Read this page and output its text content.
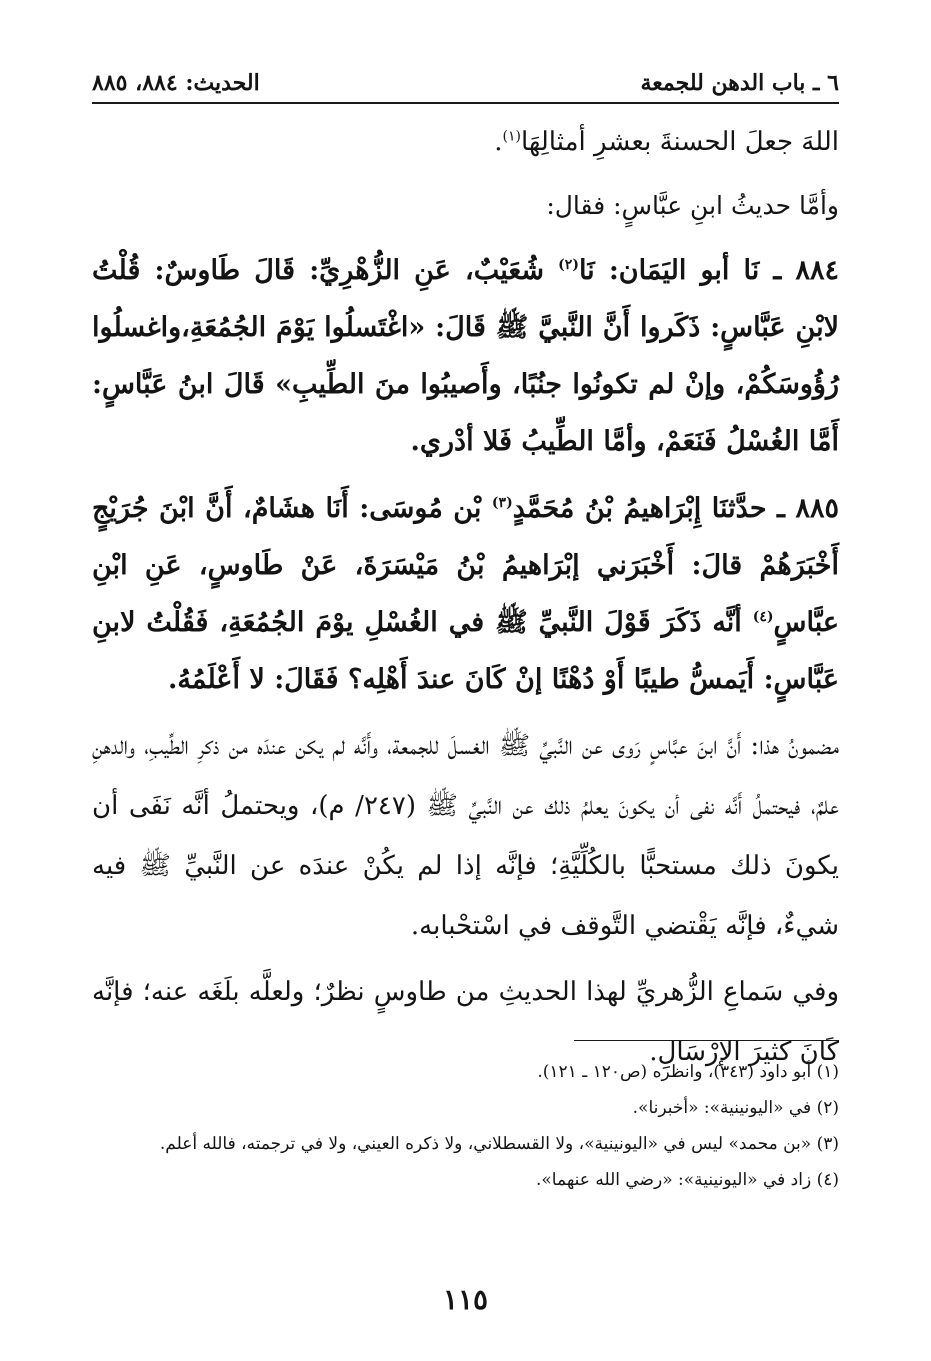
٦ ـ باب الدهن للجمعة
الحديث: ٨٨٤، ٨٨٥

اللهَ جعلَ الحسنةَ بعشرِ أمثالِهَا$^{(١)}$.

وأمَّا حديثُ ابنِ عبَّاسٍ: فقال:

٨٨٤ ـ نَا أبو اليَمَان: نَا$^{(٢)}$ شُعَيْبٌ، عَنِ الزُّهْرِيِّ: قَالَ طَاوسٌ: قُلْتُ لابْنِ عَبَّاسٍ: ذَكَروا أَنَّ النَّبيَّ ﷺ قَالَ: «اغْتَسلُوا يَوْمَ الجُمُعَةِ،واغسلُوا رُؤُوسَكُمْ، وإنْ لم تكونُوا جنُبًا، وأَصيبُوا منَ الطِّيبِ» قَالَ ابنُ عَبَّاسٍ: أَمَّا الغُسْلُ فَنَعَمْ، وأمَّا الطِّيبُ فَلا أدْري.

٨٨٥ ـ حدَّثنَا إِبْرَاهيمُ بْنُ مُحَمَّدٍ$^{(٣)}$ بْن مُوسَى: أَنَا هشَامٌ، أَنَّ ابْنَ جُرَيْجٍ أَخْبَرَهُمْ قالَ: أَخْبَرَني إبْرَاهيمُ بْنُ مَيْسَرَةَ، عَنْ طَاوسٍ، عَنِ ابْنِ عبَّاسٍ$^{(٤)}$ أنَّه ذَكَرَ قَوْلَ النَّبيِّ ﷺ في الغُسْلِ يوْمَ الجُمُعَةِ، فَقُلْتُ لابنِ عَبَّاسٍ: أَيَمسُّ طيبًا أَوْ دُهْنًا إنْ كَانَ عندَ أَهْلِه؟ فَقَالَ: لا أَعْلَمُهُ.

مضمونُ هذا: أَنَّ ابنَ عبَّاسٍ رَوى عن النَّبيِّ ﷺ الغسلَ للجمعة، وأَنَّه لم يكن عندَه من ذكرِ الطِّيبِ، والدهنِ علمٌ، فيحتملُ أَنَّه نفى أن يكونَ يعلمُ ذلك عن النَّبيِّ ﷺ (٢٤٧/ م)، ويحتملُ أنَّه نَفَى أن يكونَ ذلك مستحبًّا بالكُلِّيَّةِ؛ فإنَّه إذا لم يكُنْ عندَه عن النَّبيِّ ﷺ فيه شيءٌ، فإنَّه يَقْتضي التَّوقف في اسْتحْبابه.

وفي سَماعِ الزُّهريِّ لهذا الحديثِ من طاوسٍ نظرٌ؛ ولعلَّه بلَغَه عنه؛ فإنَّه كَانَ كثيرَ الإرْسَالِ.

(١) أبو داود (٣٤٣)، وانظره (ص١٢٠ ـ ١٢١).

(٢) في «اليونينية»: «أخبرنا».

(٣) «بن محمد» ليس في «اليونينية»، ولا القسطلاني، ولا ذكره العيني، ولا في ترجمته، فالله أعلم.

(٤) زاد في «اليونينية»: «رضي الله عنهما».

١١٥
